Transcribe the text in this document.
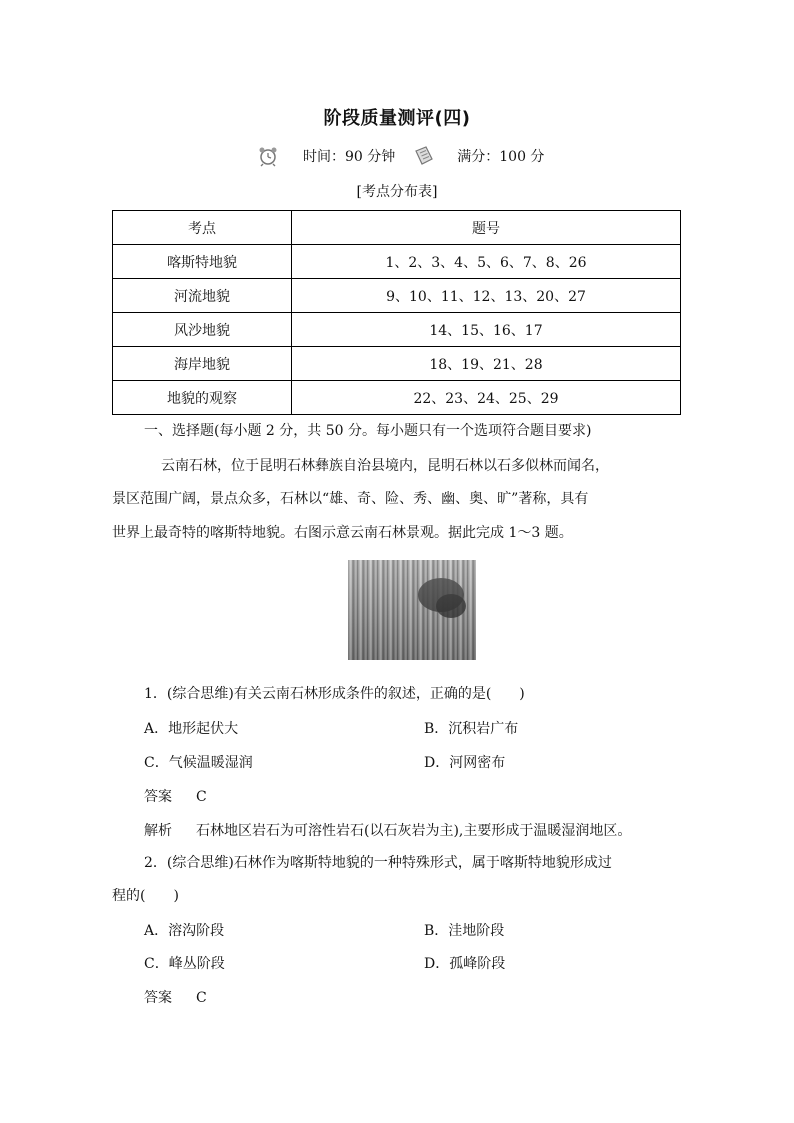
阶段质量测评(四)
时间：90 分钟	满分：100 分
[考点分布表]
考点	题号
喀斯特地貌	1、2、3、4、5、6、7、8、26
河流地貌	9、10、11、12、13、20、27
风沙地貌	14、15、16、17
海岸地貌	18、19、21、28
地貌的观察	22、23、24、25、29
一、选择题(每小题 2 分，共 50 分。每小题只有一个选项符合题目要求)
云南石林，位于昆明石林彝族自治县境内，昆明石林以石多似林而闻名，
景区范围广阔，景点众多，石林以“雄、奇、险、秀、幽、奥、旷”著称，具有
世界上最奇特的喀斯特地貌。右图示意云南石林景观。据此完成 1～3 题。
1．(综合思维)有关云南石林形成条件的叙述，正确的是(　　)
A．地形起伏大	B．沉积岩广布
C．气候温暖湿润	D．河网密布
答案 C
解析 石林地区岩石为可溶性岩石(以石灰岩为主),主要形成于温暖湿润地区。
2．(综合思维)石林作为喀斯特地貌的一种特殊形式，属于喀斯特地貌形成过
程的(　　)
A．溶沟阶段	B．洼地阶段
C．峰丛阶段	D．孤峰阶段
答案 C
